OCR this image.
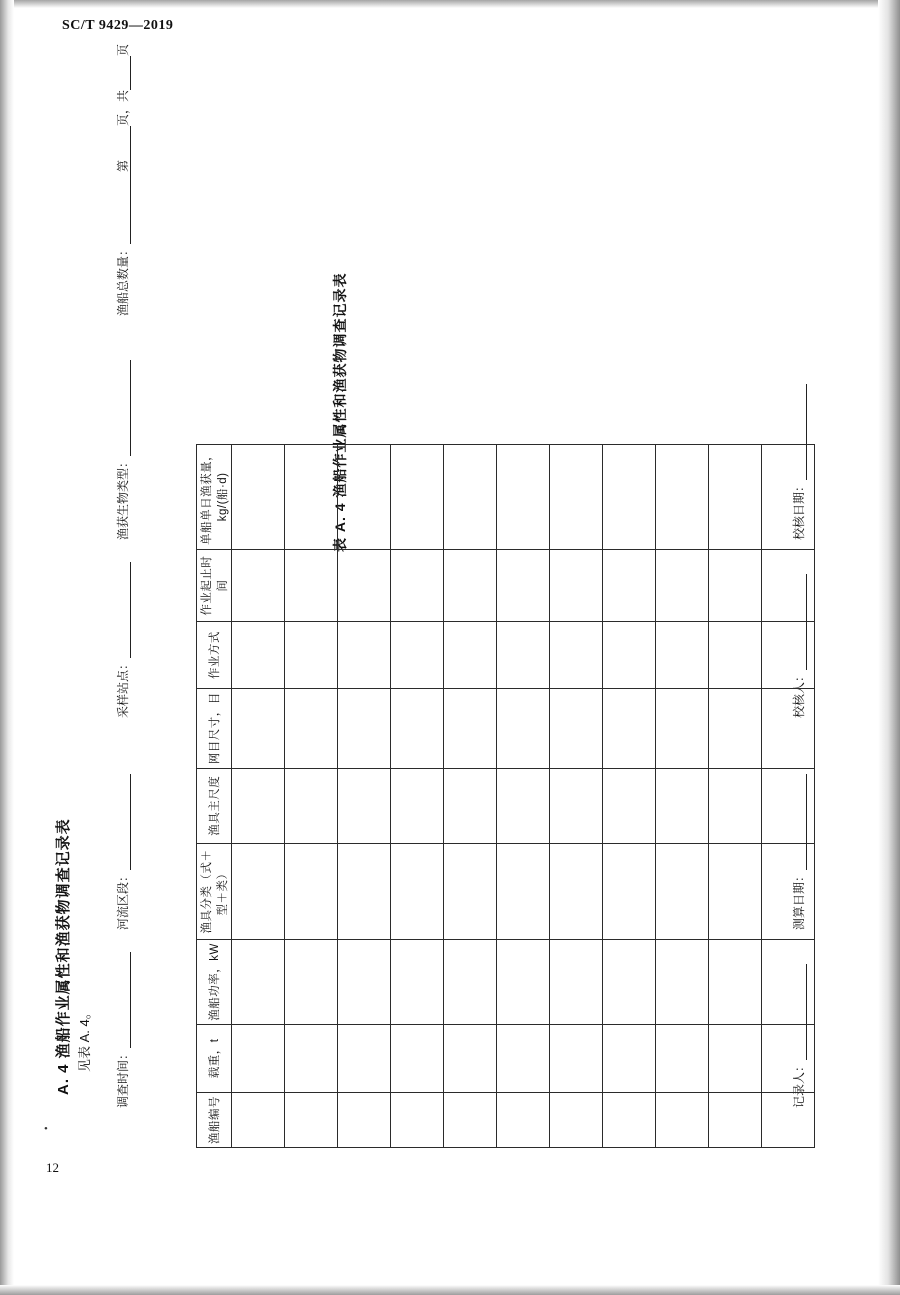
SC/T 9429—2019
•
12
A. 4 渔船作业属性和渔获物调查记录表 见表 A. 4。
表 A. 4 渔船作业属性和渔获物调查记录表
调查时间：
河流区段：
采样站点：
渔获生物类型：
渔船总数量：
第页，共页
记录人：
测算日期：
校核人：
校核日期：
渔船编号	载重，t	渔船功率，kW	渔具分类（式＋型＋类）	渔具主尺度	网目尺寸，目	作业方式	作业起止时间	单船单日渔获量，kg/(船·d)
